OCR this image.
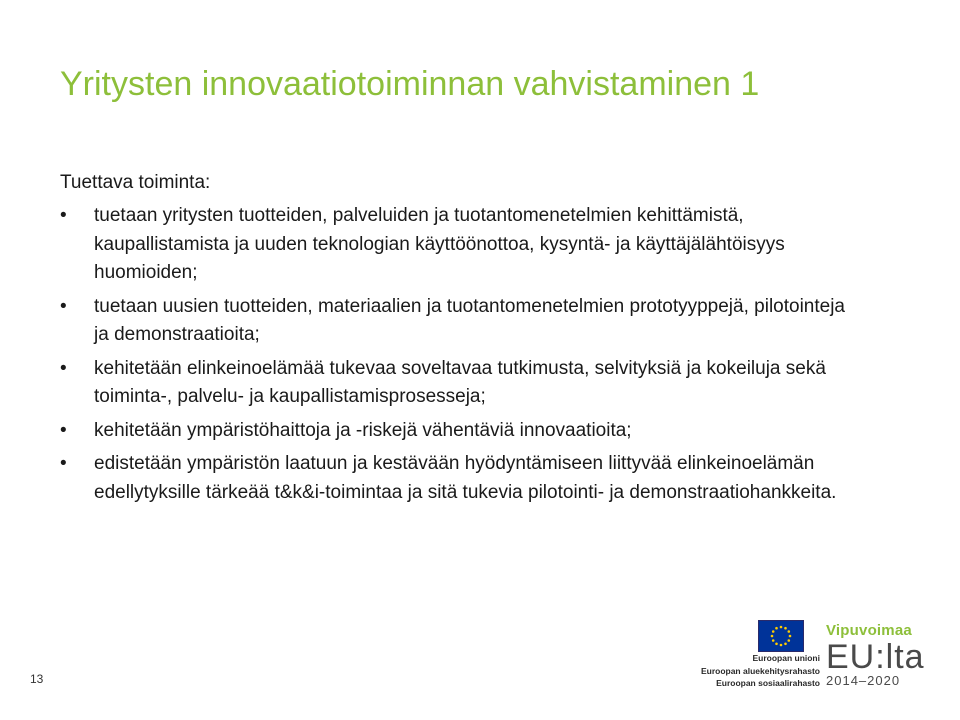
Yritysten innovaatiotoiminnan vahvistaminen 1
Tuettava toiminta:
• tuetaan yritysten tuotteiden, palveluiden ja tuotantomenetelmien kehittämistä, kaupallistamista ja uuden teknologian käyttöönottoa, kysyntä- ja käyttäjälähtöisyys huomioiden;
• tuetaan uusien tuotteiden, materiaalien ja tuotantomenetelmien prototyyppejä, pilotointeja ja demonstraatioita;
• kehitetään elinkeinoelämää tukevaa soveltavaa tutkimusta, selvityksiä ja kokeiluja sekä toiminta-, palvelu- ja kaupallistamisprosesseja;
• kehitetään ympäristöhaittoja ja -riskejä vähentäviä innovaatioita;
• edistetään ympäristön laatuun ja kestävään hyödyntämiseen liittyvää elinkeinoelämän edellytyksille tärkeää t&k&i-toimintaa ja sitä tukevia pilotointi- ja demonstraatiohankkeita.
13
Euroopan unioni
Euroopan aluekehitysrahasto
Euroopan sosiaalirahasto
Vipuvoimaa
EU:lta
2014–2020
